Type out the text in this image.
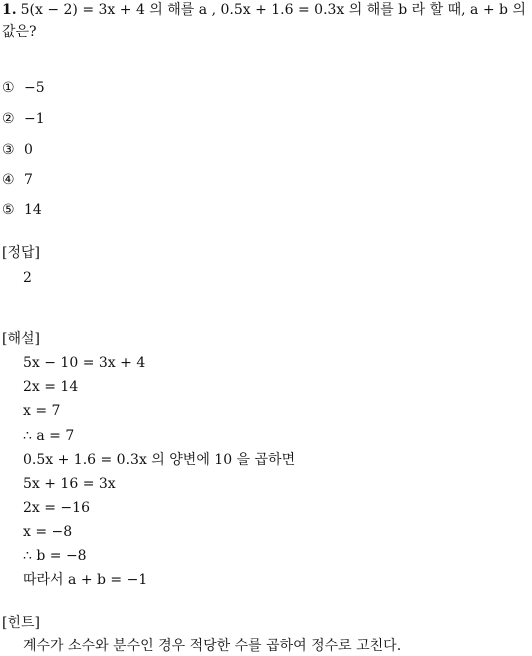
1. 5(x − 2) = 3x + 4 의 해를 a , 0.5x + 1.6 = 0.3x 의 해를 b 라 할 때, a + b 의
값은?
① −5
② −1
③ 0
④ 7
⑤ 14
[정답]
2
[해설]
5x − 10 = 3x + 4
2x = 14
x = 7
∴ a = 7
0.5x + 1.6 = 0.3x 의 양변에 10 을 곱하면
5x + 16 = 3x
2x = −16
x = −8
∴ b = −8
따라서 a + b = −1
[힌트]
계수가 소수와 분수인 경우 적당한 수를 곱하여 정수로 고친다.
